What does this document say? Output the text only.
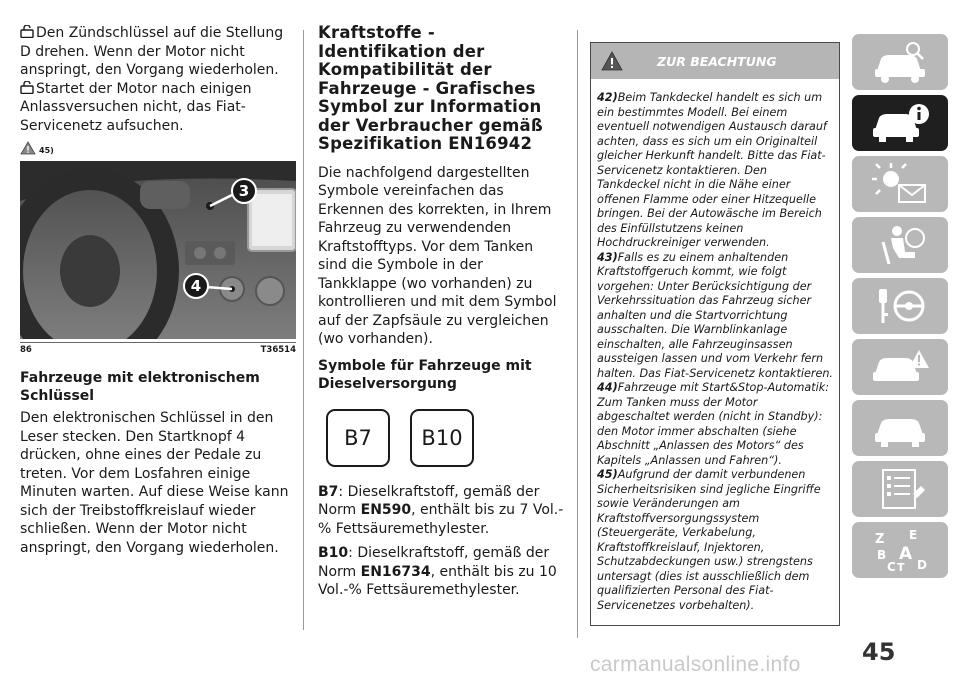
Den Zündschlüssel auf die Stellung D drehen. Wenn der Motor nicht anspringt, den Vorgang wiederholen.

Startet der Motor nach einigen Anlassversuchen nicht, das Fiat-Servicenetz aufsuchen.

45)
3
4
86	T36514
Fahrzeuge mit elektronischem Schlüssel

Den elektronischen Schlüssel in den Leser stecken. Den Startknopf 4 drücken, ohne eines der Pedale zu treten. Vor dem Losfahren einige Minuten warten. Auf diese Weise kann sich der Treibstoffkreislauf wieder schließen. Wenn der Motor nicht anspringt, den Vorgang wiederholen.

Kraftstoffe - Identifikation der Kompatibilität der Fahrzeuge - Grafisches Symbol zur Information der Verbraucher gemäß Spezifikation EN16942

Die nachfolgend dargestellten Symbole vereinfachen das Erkennen des korrekten, in Ihrem Fahrzeug zu verwendenden Kraftstofftyps. Vor dem Tanken sind die Symbole in der Tankklappe (wo vorhanden) zu kontrollieren und mit dem Symbol auf der Zapfsäule zu vergleichen (wo vorhanden).

Symbole für Fahrzeuge mit Dieselversorgung
B7 B10

B7: Dieselkraftstoff, gemäß der Norm EN590, enthält bis zu 7 Vol.-% Fettsäuremethylester.

B10: Dieselkraftstoff, gemäß der Norm EN16734, enthält bis zu 10 Vol.-% Fettsäuremethylester.

ZUR BEACHTUNG

42)Beim Tankdeckel handelt es sich um ein bestimmtes Modell. Bei einem eventuell notwendigen Austausch darauf achten, dass es sich um ein Originalteil gleicher Herkunft handelt. Bitte das Fiat-Servicenetz kontaktieren. Den Tankdeckel nicht in die Nähe einer offenen Flamme oder einer Hitzequelle bringen. Bei der Autowäsche im Bereich des Einfüllstutzens keinen Hochdruckreiniger verwenden.

43)Falls es zu einem anhaltenden Kraftstoffgeruch kommt, wie folgt vorgehen: Unter Berücksichtigung der Verkehrssituation das Fahrzeug sicher anhalten und die Startvorrichtung ausschalten. Die Warnblinkanlage einschalten, alle Fahrzeuginsassen aussteigen lassen und vom Verkehr fern halten. Das Fiat-Servicenetz kontaktieren.

44)Fahrzeuge mit Start&Stop-Automatik: Zum Tanken muss der Motor abgeschaltet werden (nicht in Standby): den Motor immer abschalten (siehe Abschnitt „Anlassen des Motors“ des Kapitels „Anlassen und Fahren“).

45)Aufgrund der damit verbundenen Sicherheitsrisiken sind jegliche Eingriffe sowie Veränderungen am Kraftstoffversorgungssystem (Steuergeräte, Verkabelung, Kraftstoffkreislauf, Injektoren, Schutzabdeckungen usw.) strengstens untersagt (dies ist ausschließlich dem qualifizierten Personal des Fiat-Servicenetzes vorbehalten).

Z E
B A
C T D
45
carmanualsonline.info
